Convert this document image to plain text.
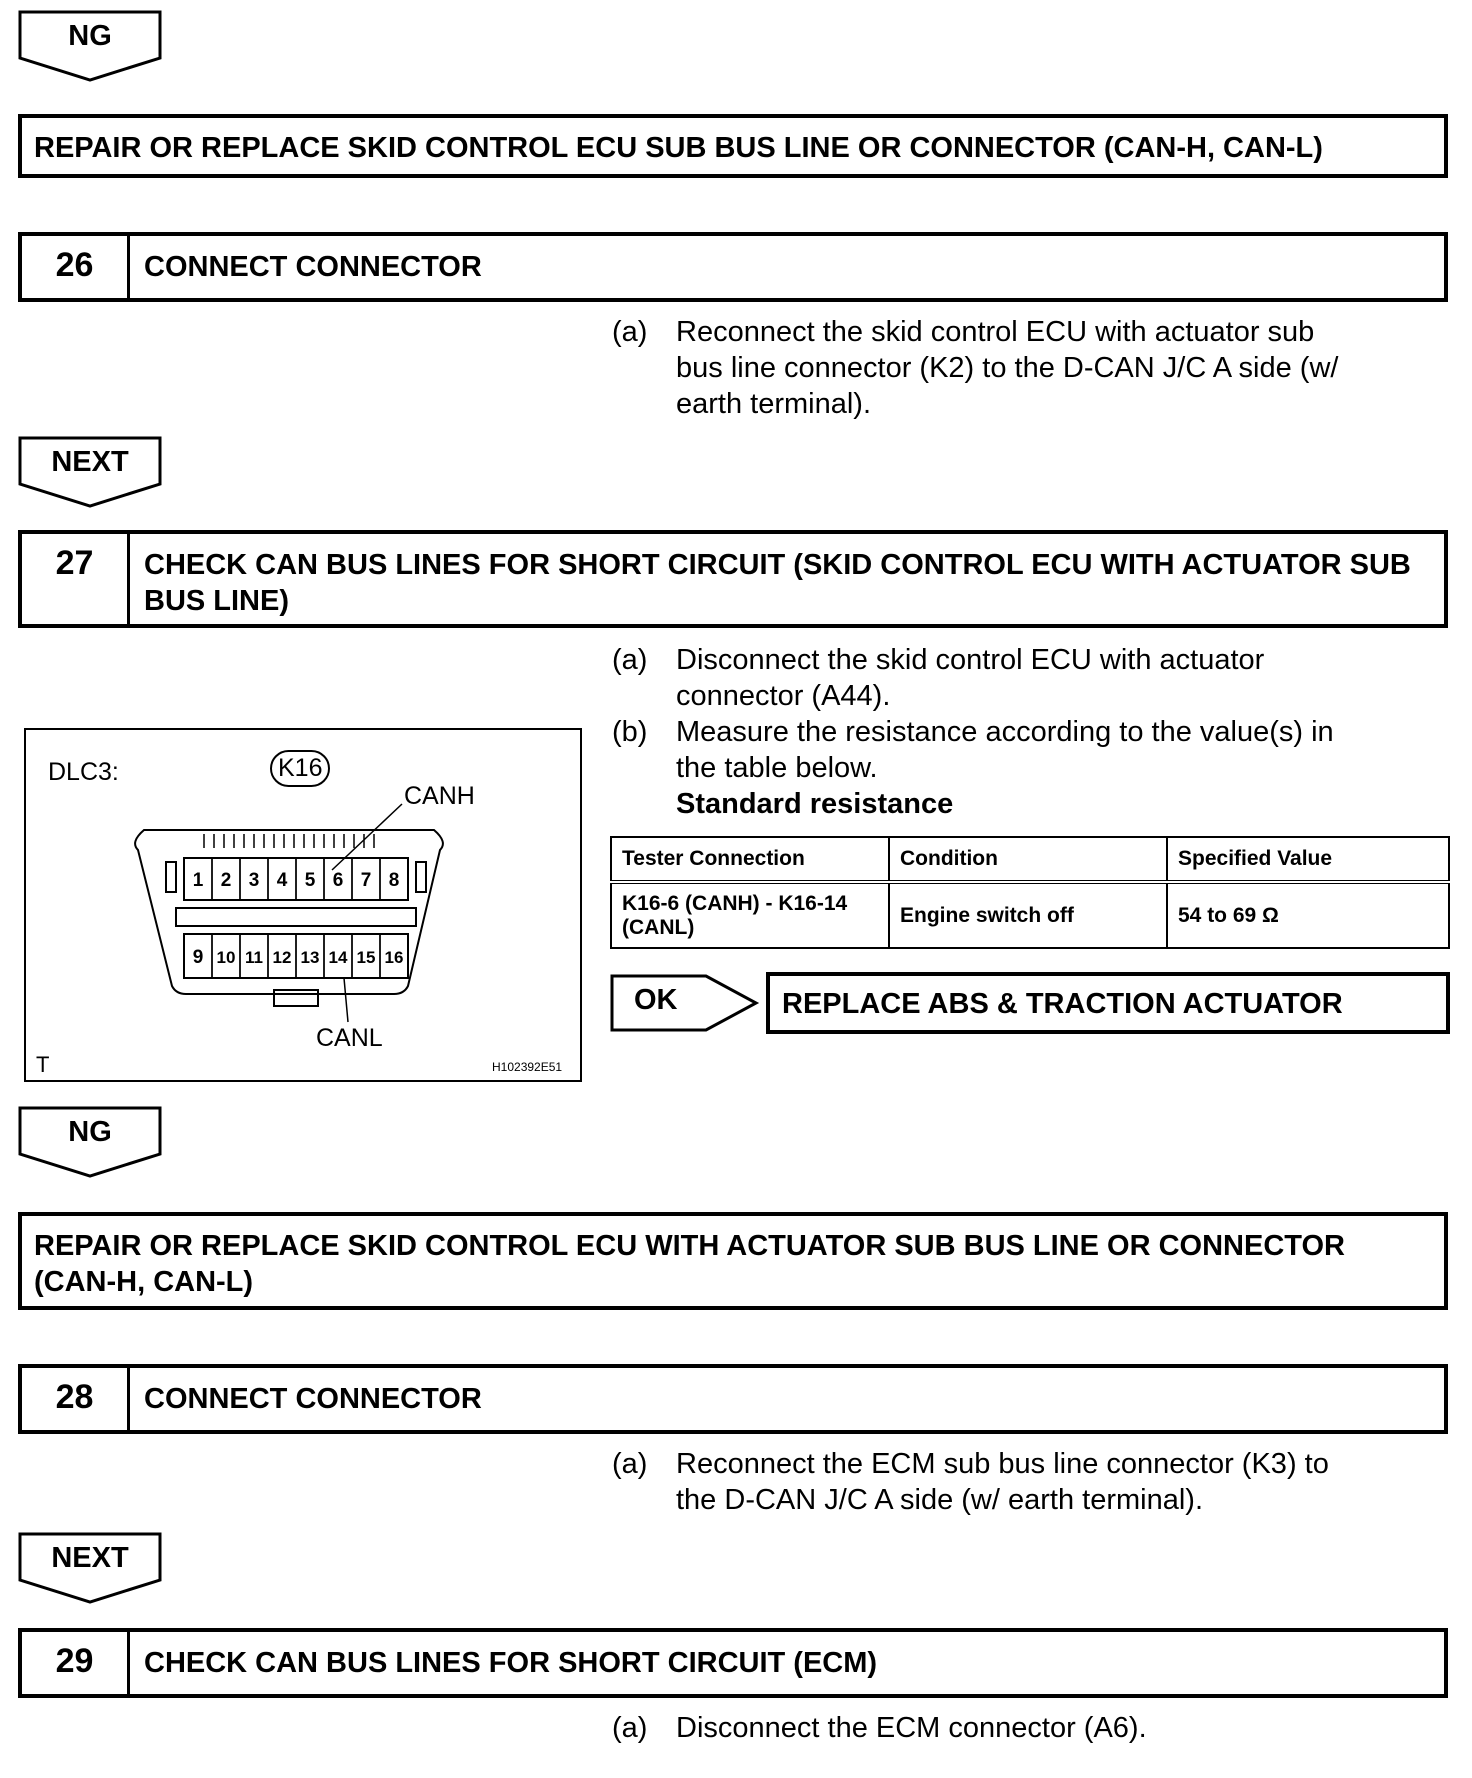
NG
REPAIR OR REPLACE SKID CONTROL ECU SUB BUS LINE OR CONNECTOR (CAN-H, CAN-L)
26	CONNECT CONNECTOR
(a) Reconnect the skid control ECU with actuator sub bus line connector (K2) to the D-CAN J/C A side (w/ earth terminal).
NEXT
27	CHECK CAN BUS LINES FOR SHORT CIRCUIT (SKID CONTROL ECU WITH ACTUATOR SUB BUS LINE)
(a) Disconnect the skid control ECU with actuator connector (A44).
(b) Measure the resistance according to the value(s) in the table below.
Standard resistance
Tester Connection	Condition	Specified Value
K16-6 (CANH) - K16-14 (CANL)	Engine switch off	54 to 69 Ω
OK	REPLACE ABS & TRACTION ACTUATOR
DLC3:	K16
CANH
CANL
T	H102392E51
1 2 3 4 5 6 7 8
9 10 11 12 13 14 15 16
NG
REPAIR OR REPLACE SKID CONTROL ECU WITH ACTUATOR SUB BUS LINE OR CONNECTOR (CAN-H, CAN-L)
28	CONNECT CONNECTOR
(a) Reconnect the ECM sub bus line connector (K3) to the D-CAN J/C A side (w/ earth terminal).
NEXT
29	CHECK CAN BUS LINES FOR SHORT CIRCUIT (ECM)
(a) Disconnect the ECM connector (A6).
